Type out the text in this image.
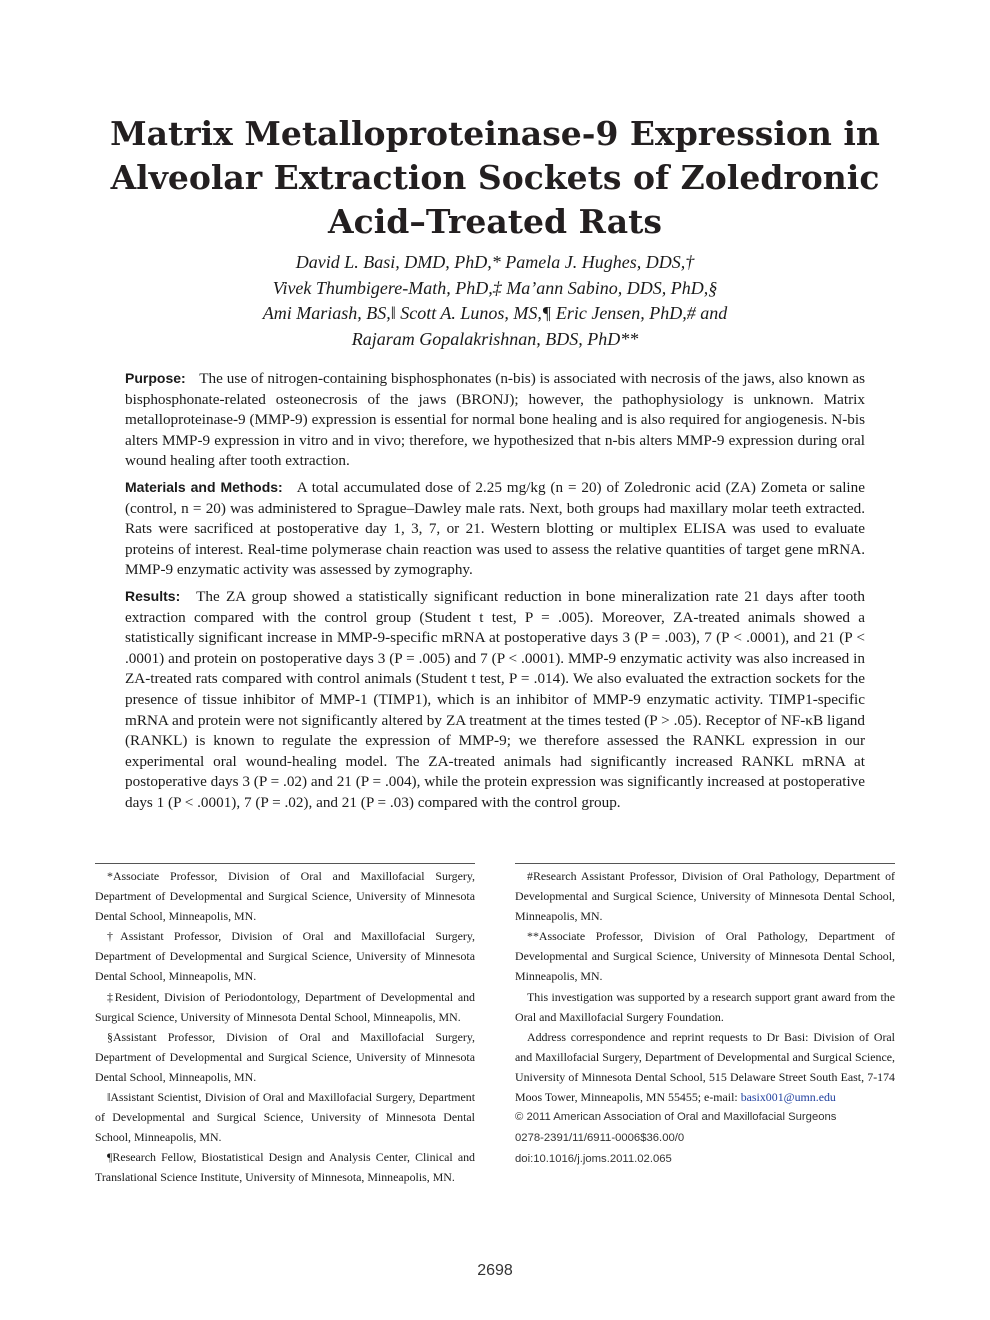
Matrix Metalloproteinase-9 Expression in
Alveolar Extraction Sockets of Zoledronic
Acid–Treated Rats
David L. Basi, DMD, PhD,* Pamela J. Hughes, DDS,†
Vivek Thumbigere-Math, PhD,‡ Ma’ann Sabino, DDS, PhD,§
Ami Mariash, BS,‖ Scott A. Lunos, MS,¶ Eric Jensen, PhD,# and
Rajaram Gopalakrishnan, BDS, PhD**

Purpose: The use of nitrogen-containing bisphosphonates (n-bis) is associated with necrosis of the jaws, also known as bisphosphonate-related osteonecrosis of the jaws (BRONJ); however, the pathophysiology is unknown. Matrix metalloproteinase-9 (MMP-9) expression is essential for normal bone healing and is also required for angiogenesis. N-bis alters MMP-9 expression in vitro and in vivo; therefore, we hypothesized that n-bis alters MMP-9 expression during oral wound healing after tooth extraction.

Materials and Methods: A total accumulated dose of 2.25 mg/kg (n = 20) of Zoledronic acid (ZA) Zometa or saline (control, n = 20) was administered to Sprague–Dawley male rats. Next, both groups had maxillary molar teeth extracted. Rats were sacrificed at postoperative day 1, 3, 7, or 21. Western blotting or multiplex ELISA was used to evaluate proteins of interest. Real-time polymerase chain reaction was used to assess the relative quantities of target gene mRNA. MMP-9 enzymatic activity was assessed by zymography.

Results: The ZA group showed a statistically significant reduction in bone mineralization rate 21 days after tooth extraction compared with the control group (Student t test, P = .005). Moreover, ZA-treated animals showed a statistically significant increase in MMP-9-specific mRNA at postoperative days 3 (P = .003), 7 (P < .0001), and 21 (P < .0001) and protein on postoperative days 3 (P = .005) and 7 (P < .0001). MMP-9 enzymatic activity was also increased in ZA-treated rats compared with control animals (Student t test, P = .014). We also evaluated the extraction sockets for the presence of tissue inhibitor of MMP-1 (TIMP1), which is an inhibitor of MMP-9 enzymatic activity. TIMP1-specific mRNA and protein were not significantly altered by ZA treatment at the times tested (P > .05). Receptor of NF-κB ligand (RANKL) is known to regulate the expression of MMP-9; we therefore assessed the RANKL expression in our experimental oral wound-healing model. The ZA-treated animals had significantly increased RANKL mRNA at postoperative days 3 (P = .02) and 21 (P = .004), while the protein expression was significantly increased at postoperative days 1 (P < .0001), 7 (P = .02), and 21 (P = .03) compared with the control group.

*Associate Professor, Division of Oral and Maxillofacial Surgery, Department of Developmental and Surgical Science, University of Minnesota Dental School, Minneapolis, MN.

†Assistant Professor, Division of Oral and Maxillofacial Surgery, Department of Developmental and Surgical Science, University of Minnesota Dental School, Minneapolis, MN.

‡Resident, Division of Periodontology, Department of Developmental and Surgical Science, University of Minnesota Dental School, Minneapolis, MN.

§Assistant Professor, Division of Oral and Maxillofacial Surgery, Department of Developmental and Surgical Science, University of Minnesota Dental School, Minneapolis, MN.

‖Assistant Scientist, Division of Oral and Maxillofacial Surgery, Department of Developmental and Surgical Science, University of Minnesota Dental School, Minneapolis, MN.

¶Research Fellow, Biostatistical Design and Analysis Center, Clinical and Translational Science Institute, University of Minnesota, Minneapolis, MN.

#Research Assistant Professor, Division of Oral Pathology, Department of Developmental and Surgical Science, University of Minnesota Dental School, Minneapolis, MN.

**Associate Professor, Division of Oral Pathology, Department of Developmental and Surgical Science, University of Minnesota Dental School, Minneapolis, MN.

This investigation was supported by a research support grant award from the Oral and Maxillofacial Surgery Foundation.

Address correspondence and reprint requests to Dr Basi: Division of Oral and Maxillofacial Surgery, Department of Developmental and Surgical Science, University of Minnesota Dental School, 515 Delaware Street South East, 7-174 Moos Tower, Minneapolis, MN 55455; e-mail: basix001@umn.edu

© 2011 American Association of Oral and Maxillofacial Surgeons
0278-2391/11/6911-0006$36.00/0
doi:10.1016/j.joms.2011.02.065
2698
